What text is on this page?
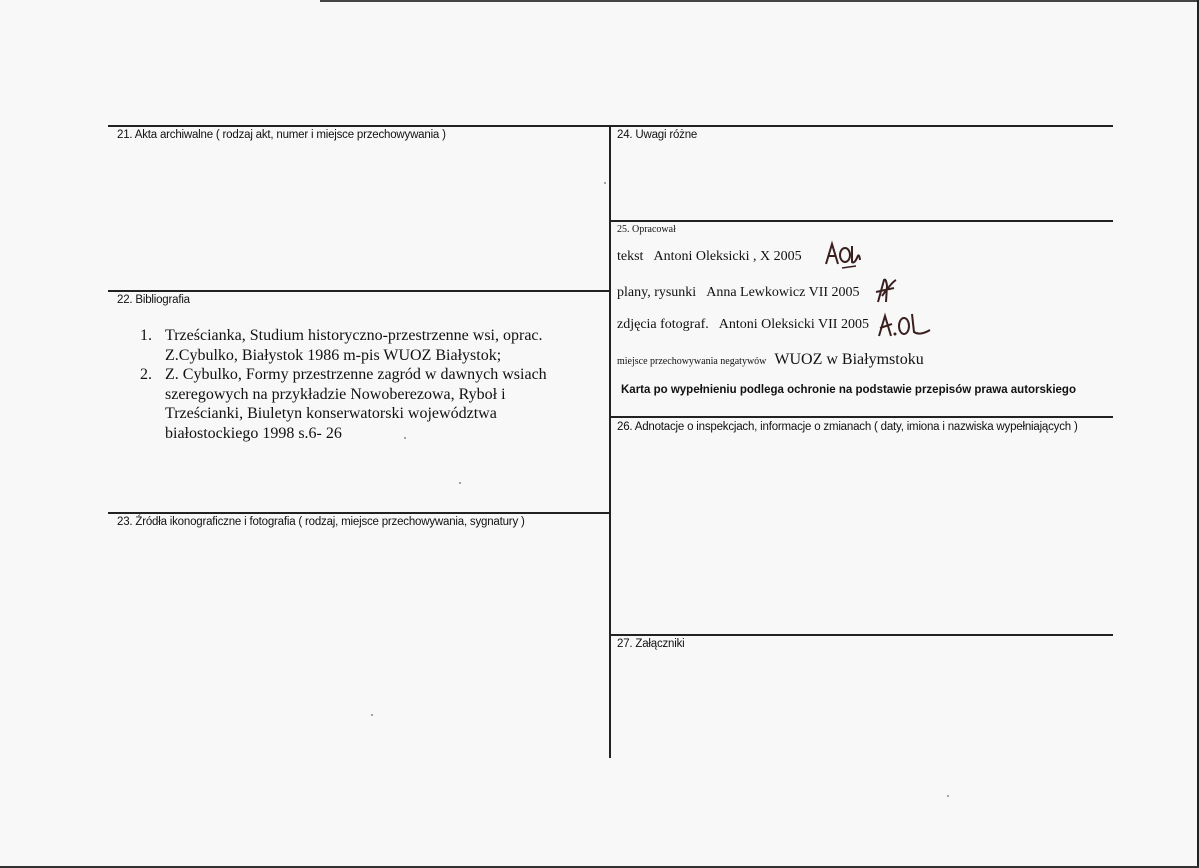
21. Akta archiwalne ( rodzaj akt, numer i miejsce przechowywania )
22. Bibliografia
23. Źródła ikonograficzne i fotografia ( rodzaj, miejsce przechowywania, sygnatury )
24. Uwagi różne
25. Opracował
26. Adnotacje o inspekcjach, informacje o zmianach ( daty, imiona i nazwiska wypełniających )
27. Załączniki
1. Trześcianka, Studium historyczno-przestrzenne wsi, oprac.
Z.Cybulko, Białystok 1986 m-pis WUOZ Białystok;
2. Z. Cybulko, Formy przestrzenne zagród w dawnych wsiach
szeregowych na przykładzie Nowoberezowa, Ryboł i
Trześcianki, Biuletyn konserwatorski województwa
białostockiego 1998 s.6- 26
tekst Antoni Oleksicki , X 2005
plany, rysunki Anna Lewkowicz VII 2005
zdjęcia fotograf. Antoni Oleksicki VII 2005
miejsce przechowywania negatywów WUOZ w Białymstoku
Karta po wypełnieniu podlega ochronie na podstawie przepisów prawa autorskiego
